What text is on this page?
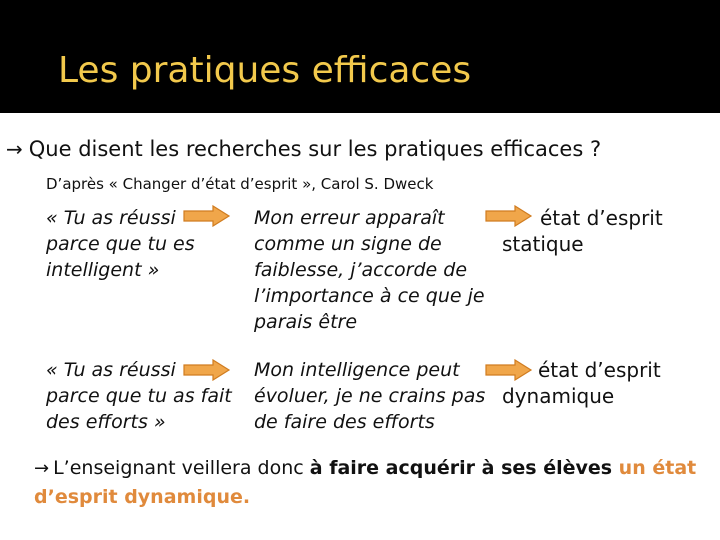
Les pratiques efficaces
→ Que disent les recherches sur les pratiques efficaces ?
D’après « Changer d’état d’esprit », Carol S. Dweck
« Tu as réussi
parce que tu es
intelligent »
Mon erreur apparaît
comme un signe de
faiblesse, j’accorde de
l’importance à ce que je
parais être
état d’esprit
statique
« Tu as réussi
parce que tu as fait
des efforts »
Mon intelligence peut
évoluer, je ne crains pas
de faire des efforts
état d’esprit
dynamique
→ L’enseignant veillera donc à faire acquérir à ses élèves un état d’esprit dynamique.
